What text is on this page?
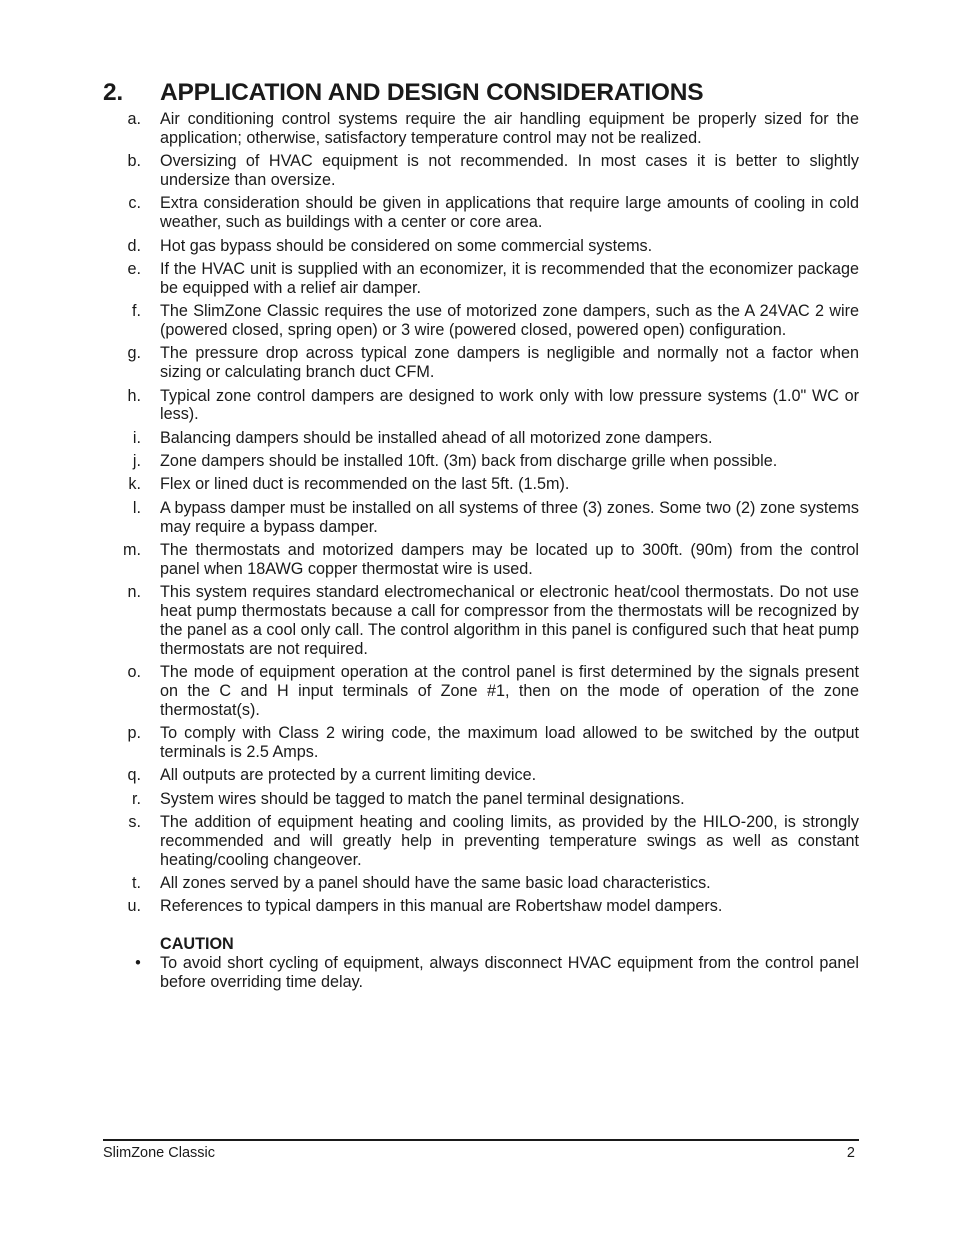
2. APPLICATION AND DESIGN CONSIDERATIONS
a. Air conditioning control systems require the air handling equipment be properly sized for the application; otherwise, satisfactory temperature control may not be realized.
b. Oversizing of HVAC equipment is not recommended. In most cases it is better to slightly undersize than oversize.
c. Extra consideration should be given in applications that require large amounts of cooling in cold weather, such as buildings with a center or core area.
d. Hot gas bypass should be considered on some commercial systems.
e. If the HVAC unit is supplied with an economizer, it is recommended that the economizer package be equipped with a relief air damper.
f. The SlimZone Classic requires the use of motorized zone dampers, such as the A 24VAC 2 wire (powered closed, spring open) or 3 wire (powered closed, powered open) configuration.
g. The pressure drop across typical zone dampers is negligible and normally not a factor when sizing or calculating branch duct CFM.
h. Typical zone control dampers are designed to work only with low pressure systems (1.0" WC or less).
i. Balancing dampers should be installed ahead of all motorized zone dampers.
j. Zone dampers should be installed 10ft. (3m) back from discharge grille when possible.
k. Flex or lined duct is recommended on the last 5ft. (1.5m).
l. A bypass damper must be installed on all systems of three (3) zones. Some two (2) zone systems may require a bypass damper.
m. The thermostats and motorized dampers may be located up to 300ft. (90m) from the control panel when 18AWG copper thermostat wire is used.
n. This system requires standard electromechanical or electronic heat/cool thermostats. Do not use heat pump thermostats because a call for compressor from the thermostats will be recognized by the panel as a cool only call. The control algorithm in this panel is configured such that heat pump thermostats are not required.
o. The mode of equipment operation at the control panel is first determined by the signals present on the C and H input terminals of Zone #1, then on the mode of operation of the zone thermostat(s).
p. To comply with Class 2 wiring code, the maximum load allowed to be switched by the output terminals is 2.5 Amps.
q. All outputs are protected by a current limiting device.
r. System wires should be tagged to match the panel terminal designations.
s. The addition of equipment heating and cooling limits, as provided by the HILO-200, is strongly recommended and will greatly help in preventing temperature swings as well as constant heating/cooling changeover.
t. All zones served by a panel should have the same basic load characteristics.
u. References to typical dampers in this manual are Robertshaw model dampers.
CAUTION
• To avoid short cycling of equipment, always disconnect HVAC equipment from the control panel before overriding time delay.
SlimZone Classic	2
